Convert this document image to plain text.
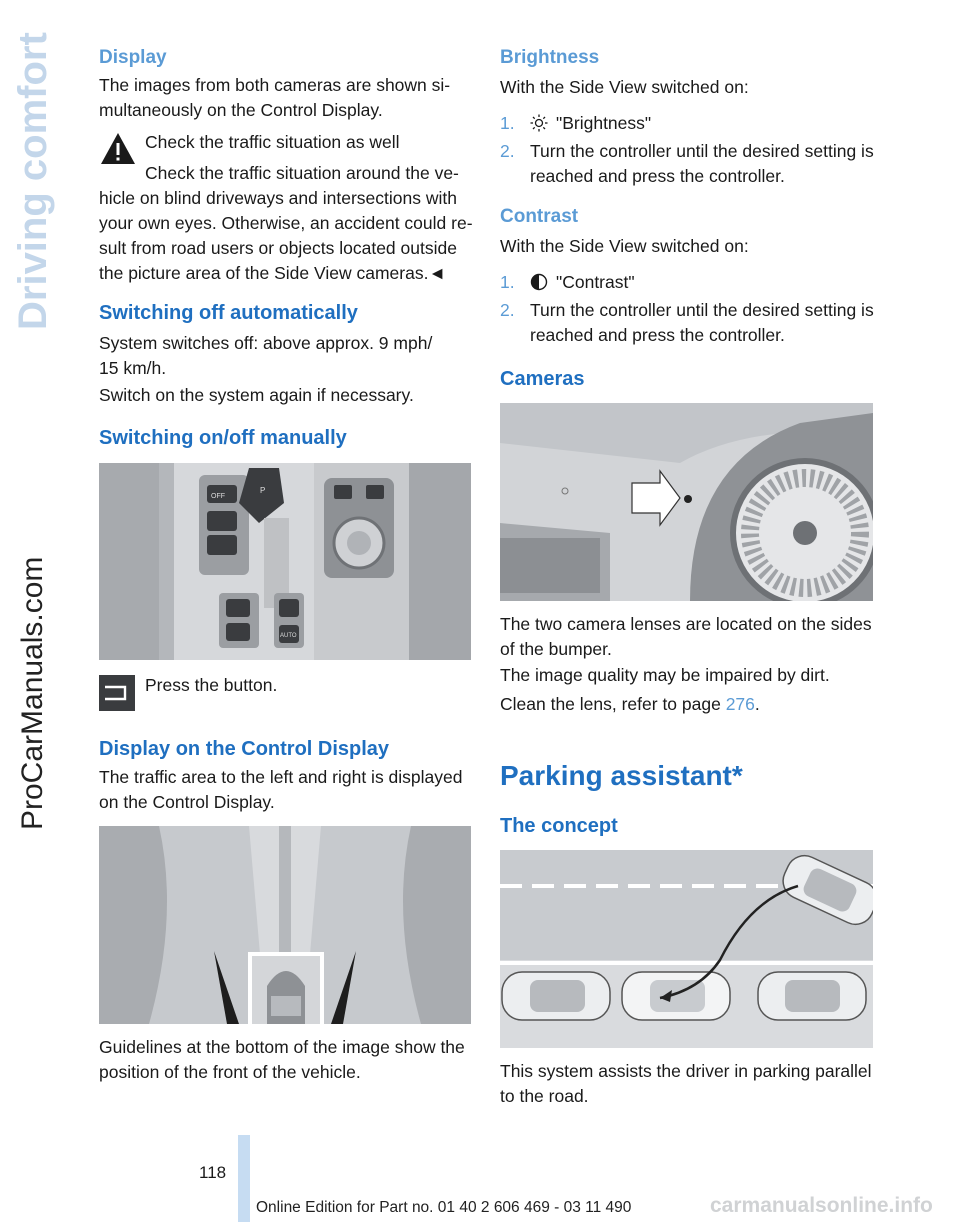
Driving comfort
ProCarManuals.com
Display
The images from both cameras are shown si-multaneously on the Control Display.
Check the traffic situation as well
Check the traffic situation around the ve-
hicle on blind driveways and intersections with your own eyes. Otherwise, an accident could re-sult from road users or objects located outside the picture area of the Side View cameras.◄
Switching off automatically
System switches off: above approx. 9 mph/ 15 km/h.
Switch on the system again if necessary.
Switching on/off manually
OFF
P
AUTO
Press the button.
Display on the Control Display
The traffic area to the left and right is displayed on the Control Display.
Guidelines at the bottom of the image show the position of the front of the vehicle.
Brightness
With the Side View switched on:
1.	"Brightness"
2. Turn the controller until the desired setting is reached and press the controller.
Contrast
With the Side View switched on:
1.	"Contrast"
2. Turn the controller until the desired setting is reached and press the controller.
Cameras
The two camera lenses are located on the sides of the bumper.
The image quality may be impaired by dirt.
Clean the lens, refer to page 276.
Parking assistant*
The concept
This system assists the driver in parking parallel to the road.
118
Online Edition for Part no. 01 40 2 606 469 - 03 11 490	carmanualsonline.info
